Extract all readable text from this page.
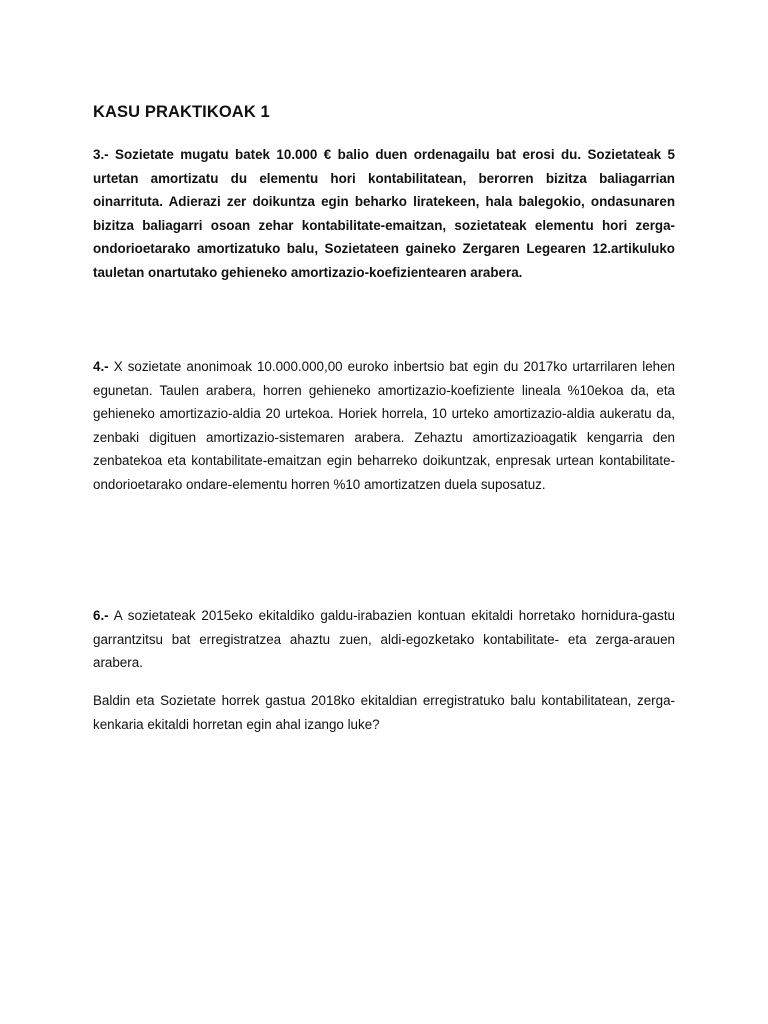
KASU PRAKTIKOAK 1

3.- Sozietate mugatu batek 10.000 € balio duen ordenagailu bat erosi du. Sozietateak 5 urtetan amortizatu du elementu hori kontabilitatean, berorren bizitza baliagarrian oinarrituta. Adierazi zer doikuntza egin beharko liratekeen, hala balegokio, ondasunaren bizitza baliagarri osoan zehar kontabilitate-emaitzan, sozietateak elementu hori zerga-ondorioetarako amortizatuko balu, Sozietateen gaineko Zergaren Legearen 12.artikuluko tauletan onartutako gehieneko amortizazio-koefizientearen arabera.

4.- X sozietate anonimoak 10.000.000,00 euroko inbertsio bat egin du 2017ko urtarrilaren lehen egunetan. Taulen arabera, horren gehieneko amortizazio-koefiziente lineala %10ekoa da, eta gehieneko amortizazio-aldia 20 urtekoa. Horiek horrela, 10 urteko amortizazio-aldia aukeratu da, zenbaki digituen amortizazio-sistemaren arabera. Zehaztu amortizazioagatik kengarria den zenbatekoa eta kontabilitate-emaitzan egin beharreko doikuntzak, enpresak urtean kontabilitate- ondorioetarako ondare-elementu horren %10 amortizatzen duela suposatuz.

6.- A sozietateak 2015eko ekitaldiko galdu-irabazien kontuan ekitaldi horretako hornidura-gastu garrantzitsu bat erregistratzea ahaztu zuen, aldi-egozketako kontabilitate- eta zerga-arauen arabera.

Baldin eta Sozietate horrek gastua 2018ko ekitaldian erregistratuko balu kontabilitatean, zerga- kenkaria ekitaldi horretan egin ahal izango luke?
